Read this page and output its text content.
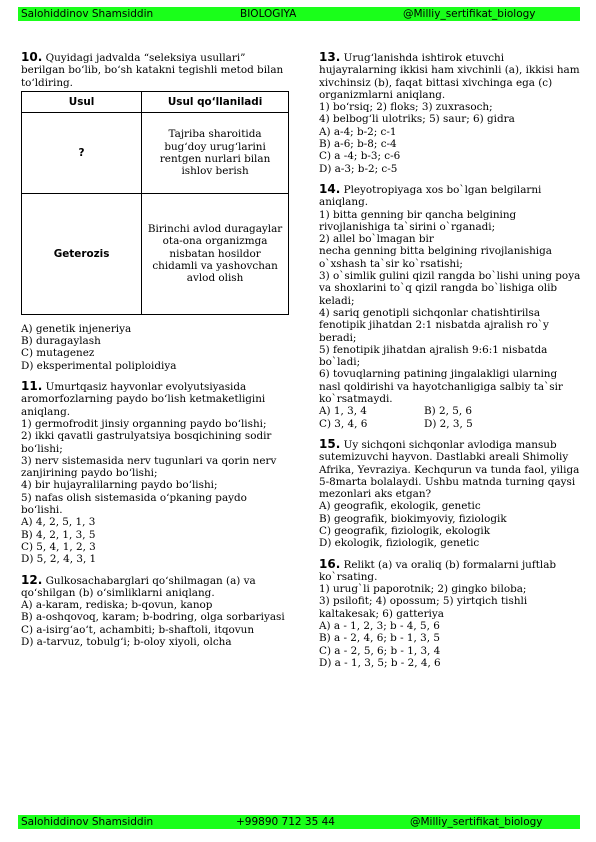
Salohiddinov Shamsiddin	BIOLOGIYA	@Milliy_sertifikat_biology

10. Quyidagi jadvalda “seleksiya usullari” berilgan bo‘lib, bo‘sh katakni tegishli metod bilan to‘ldiring.

Usul	Usul qo‘llaniladi
?	Tajriba sharoitida bug‘doy urug‘larini rentgen nurlari bilan ishlov berish
Geterozis	Birinchi avlod duragaylar ota-ona organizmga nisbatan hosildor chidamli va yashovchan avlod olish

A) genetik injeneriya

B) duragaylash

C) mutagenez

D) eksperimental poliploidiya

11. Umurtqasiz hayvonlar evolyutsiyasida aromorfozlarning paydo bo‘lish ketmaketligini aniqlang.

1) germofrodit jinsiy organning paydo bo‘lishi;

2) ikki qavatli gastrulyatsiya bosqichining sodir bo‘lishi;

3) nerv sistemasida nerv tugunlari va qorin nerv zanjirining paydo bo‘lishi;

4) bir hujayralilarning paydo bo‘lishi;

5) nafas olish sistemasida o‘pkaning paydo bo‘lishi.

A) 4, 2, 5, 1, 3

B) 4, 2, 1, 3, 5

C) 5, 4, 1, 2, 3

D) 5, 2, 4, 3, 1

12. Gulkosachabarglari qo‘shilmagan (a) va qo‘shilgan (b) o‘simliklarni aniqlang.

A) a-karam, rediska; b-qovun, kanop

B) a-oshqovoq, karam; b-bodring, olga sorbariyasi

C) a-isirg‘ao‘t, achambiti; b-shaftoli, itqovun

D) a-tarvuz, tobulg‘i; b-oloy xiyoli, olcha

13. Urug‘lanishda ishtirok etuvchi hujayralarning ikkisi ham xivchinli (a), ikkisi ham xivchinsiz (b), faqat bittasi xivchinga ega (c) organizmlarni aniqlang.

1) bo‘rsiq; 2) floks; 3) zuxrasoch;

4) belbog‘li ulotriks; 5) saur; 6) gidra

A) a-4; b-2; c-1

B) a-6; b-8; c-4

C) a -4; b-3; c-6

D) a-3; b-2; c-5

14. Pleyotropiyaga xos bo`lgan belgilarni aniqlang.

1) bitta genning bir qancha belgining rivojlanishiga ta`sirini o`rganadi;

2) allel bo`lmagan bir

necha genning bitta belgining rivojlanishiga o`xshash ta`sir ko`rsatishi;

3) o`simlik gulini qizil rangda bo`lishi uning poya va shoxlarini to`q qizil rangda bo`lishiga olib keladi;

4) sariq genotipli sichqonlar chatishtirilsa fenotipik jihatdan 2:1 nisbatda ajralish ro`y beradi;

5) fenotipik jihatdan ajralish 9:6:1 nisbatda bo`ladi;

6) tovuqlarning patining jingalakligi ularning nasl qoldirishi va hayotchanligiga salbiy ta`sir ko`rsatmaydi.

A) 1, 3, 4	B) 2, 5, 6

C) 3, 4, 6	D) 2, 3, 5

15. Uy sichqoni sichqonlar avlodiga mansub sutemizuvchi hayvon. Dastlabki areali Shimoliy

Afrika, Yevraziya. Kechqurun va tunda faol, yiliga 5-8marta bolalaydi. Ushbu matnda turning qaysi mezonlari aks etgan?

A) geografik, ekologik, genetic

B) geografik, biokimyoviy, fiziologik

C) geografik, fiziologik, ekologik

D) ekologik, fiziologik, genetic

16. Relikt (a) va oraliq (b) formalarni juftlab ko`rsating.

1) urug`li paporotnik; 2) gingko biloba;

3) psilofit; 4) opossum; 5) yirtqich tishli kaltakesak; 6) gatteriya

A) a - 1, 2, 3; b - 4, 5, 6

B) a - 2, 4, 6; b - 1, 3, 5

C) a - 2, 5, 6; b - 1, 3, 4

D) a - 1, 3, 5; b - 2, 4, 6

Salohiddinov Shamsiddin	+99890 712 35 44	@Milliy_sertifikat_biology
